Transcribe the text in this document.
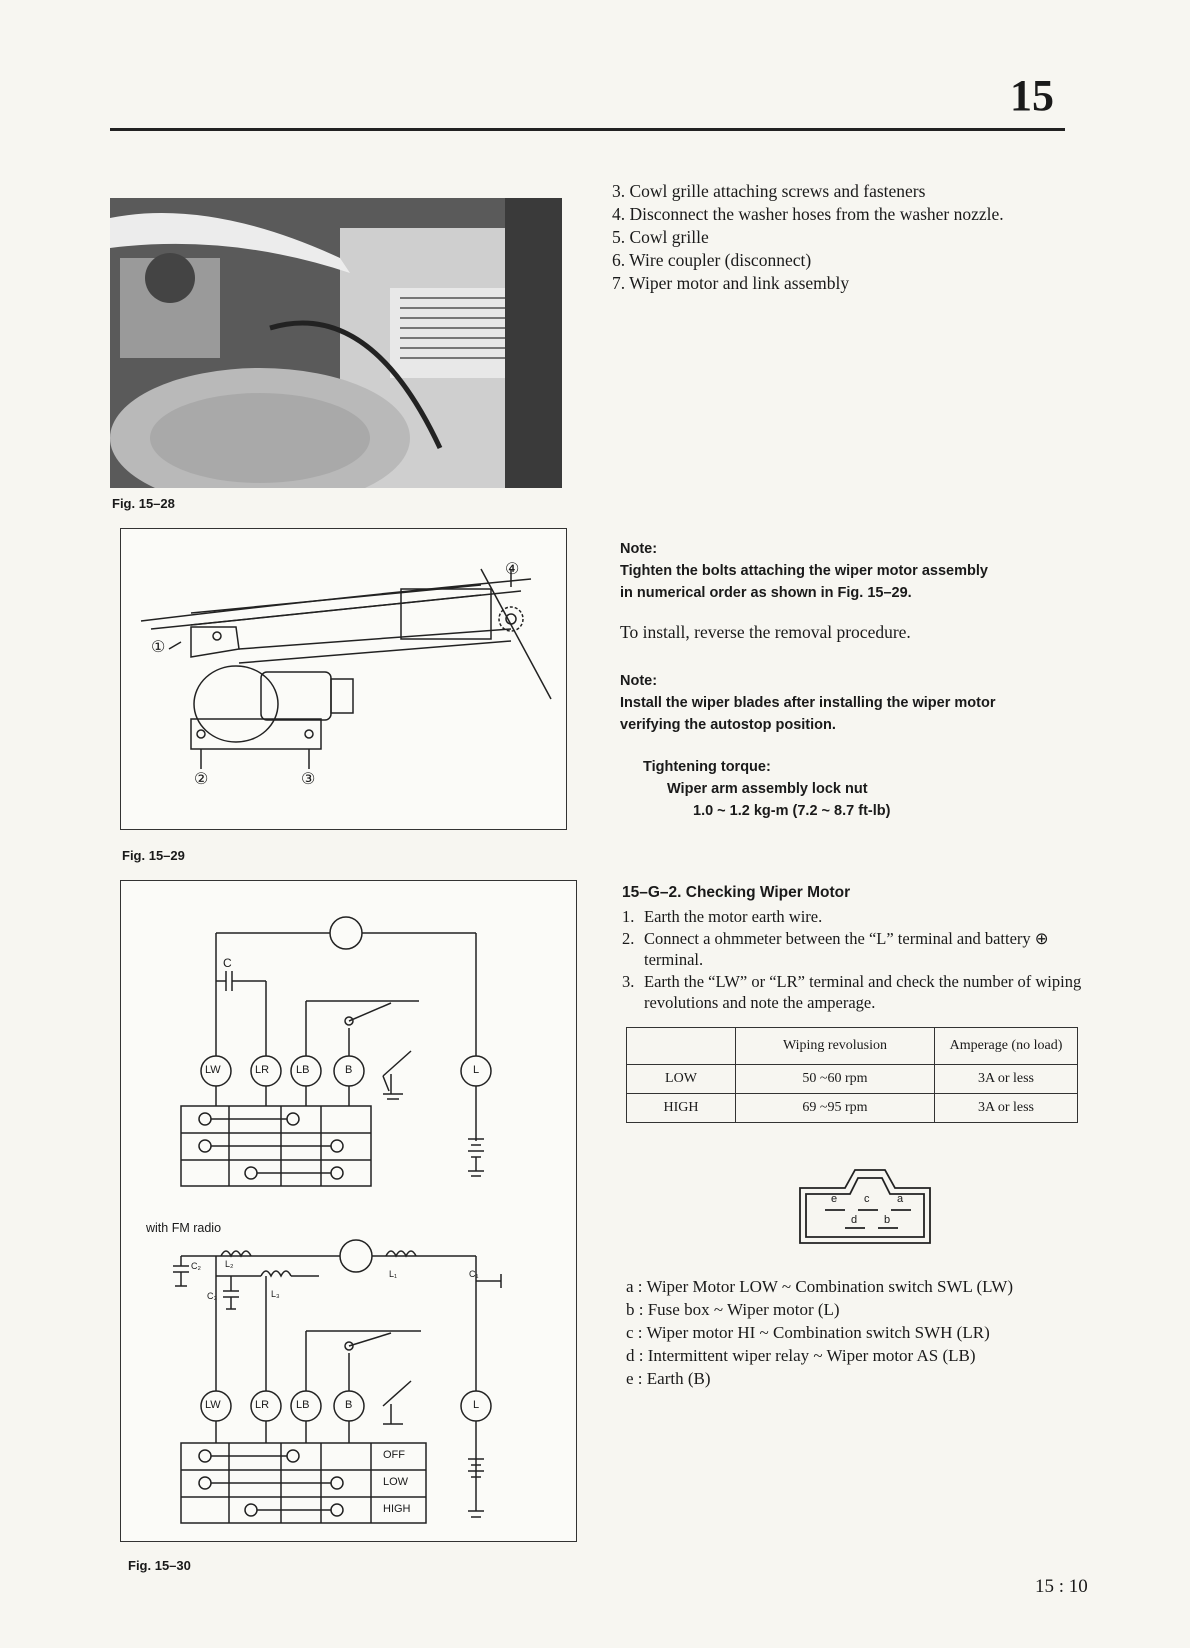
15
Fig. 15–28
①
②	③
④
Fig. 15–29
C
LW	LR LB	B	L
with FM radio
C₂	L₂
C₃	L₃
L₁	C₁
LW	LR LB	B	L
OFF
LOW
HIGH
Fig. 15–30
3. Cowl grille attaching screws and fasteners
4. Disconnect the washer hoses from the washer nozzle.
5. Cowl grille
6. Wire coupler (disconnect)
7. Wiper motor and link assembly
Note:
Tighten the bolts attaching the wiper motor assembly
in numerical order as shown in Fig. 15–29.
To install, reverse the removal procedure.
Note:
Install the wiper blades after installing the wiper motor
verifying the autostop position.
Tightening torque:
Wiper arm assembly lock nut
1.0 ~ 1.2 kg-m (7.2 ~ 8.7 ft-lb)
15–G–2. Checking Wiper Motor
1. Earth the motor earth wire.
2. Connect a ohmmeter between the “L” terminal and battery ⊕ terminal.
3. Earth the “LW” or “LR” terminal and check the number of wiping revolutions and note the amperage.
	Wiping revolusion	Amperage (no load)
LOW	50 ~60 rpm	3A or less
HIGH	69 ~95 rpm	3A or less
e c	a
d b
a : Wiper Motor LOW ~ Combination switch SWL (LW)
b : Fuse box ~ Wiper motor (L)
c : Wiper motor HI ~ Combination switch SWH (LR)
d : Intermittent wiper relay ~ Wiper motor AS (LB)
e : Earth (B)
15 : 10
